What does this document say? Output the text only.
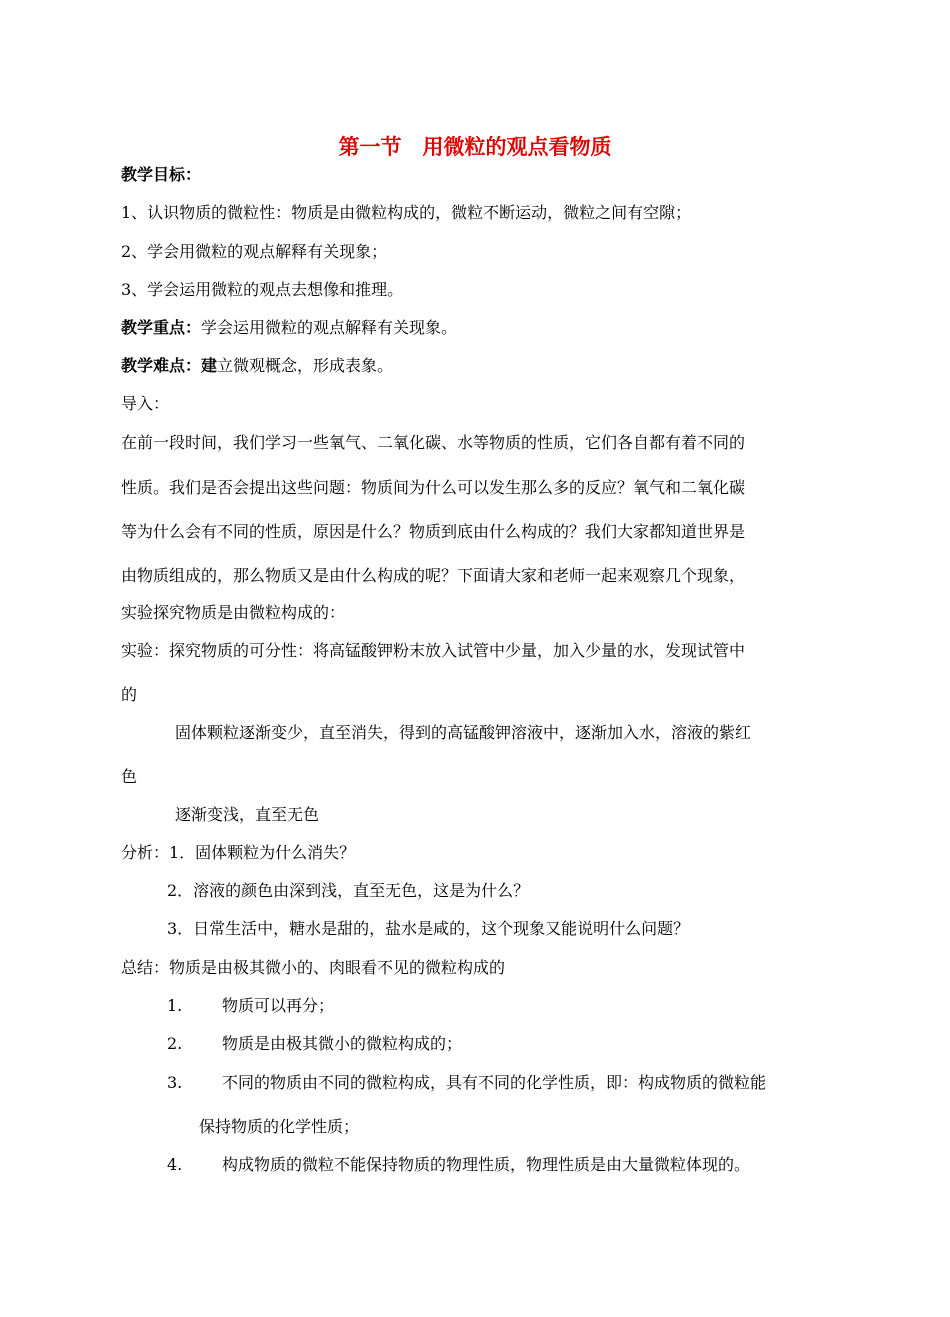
第一节　用微粒的观点看物质
教学目标：
1、认识物质的微粒性：物质是由微粒构成的，微粒不断运动，微粒之间有空隙；
2、学会用微粒的观点解释有关现象；
3、学会运用微粒的观点去想像和推理。
教学重点：学会运用微粒的观点解释有关现象。
教学难点：建立微观概念，形成表象。
导入：
在前一段时间，我们学习一些氧气、二氧化碳、水等物质的性质，它们各自都有着不同的
性质。我们是否会提出这些问题：物质间为什么可以发生那么多的反应？氧气和二氧化碳
等为什么会有不同的性质，原因是什么？物质到底由什么构成的？我们大家都知道世界是
由物质组成的，那么物质又是由什么构成的呢？下面请大家和老师一起来观察几个现象，
实验探究物质是由微粒构成的：
实验：探究物质的可分性：将高锰酸钾粉末放入试管中少量，加入少量的水，发现试管中
的
固体颗粒逐渐变少，直至消失，得到的高锰酸钾溶液中，逐渐加入水，溶液的紫红
色
逐渐变浅，直至无色
分析：1．固体颗粒为什么消失？
2．溶液的颜色由深到浅，直至无色，这是为什么？
3．日常生活中，糖水是甜的，盐水是咸的，这个现象又能说明什么问题？
总结：物质是由极其微小的、肉眼看不见的微粒构成的
1. 物质可以再分；
2. 物质是由极其微小的微粒构成的；
3. 不同的物质由不同的微粒构成，具有不同的化学性质，即：构成物质的微粒能
保持物质的化学性质；
4. 构成物质的微粒不能保持物质的物理性质，物理性质是由大量微粒体现的。
